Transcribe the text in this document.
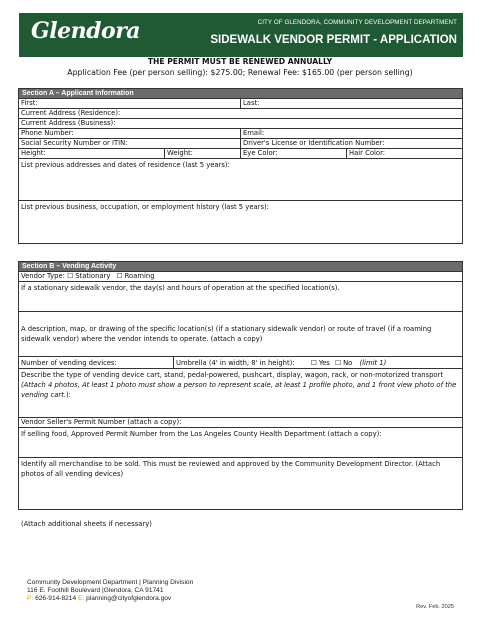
Glendora	CITY OF GLENDORA, COMMUNITY DEVELOPMENT DEPARTMENT
SIDEWALK VENDOR PERMIT - APPLICATION
THE PERMIT MUST BE RENEWED ANNUALLY
Application Fee (per person selling): $275.00; Renewal Fee: $165.00 (per person selling)
Section A – Applicant Information
First:	Last:
Current Address (Residence):
Current Address (Business):
Phone Number:	Email:
Social Security Number or ITIN:	Driver's License or Identification Number:
Height:	Weight:	Eye Color:	Hair Color:
List previous addresses and dates of residence (last 5 years):
List previous business, occupation, or employment history (last 5 years):
Section B – Vending Activity
Vendor Type: ☐ Stationary ☐ Roaming
If a stationary sidewalk vendor, the day(s) and hours of operation at the specified location(s).
A description, map, or drawing of the specific location(s) (if a stationary sidewalk vendor) or route of travel (if a roaming sidewalk vendor) where the vendor intends to operate. (attach a copy)
Number of vending devices:	Umbrella (4' in width, 8' in height): ☐ Yes ☐ No (limit 1)
Describe the type of vending device cart, stand, pedal-powered, pushcart, display, wagon, rack, or non-motorized transport (Attach 4 photos, At least 1 photo must show a person to represent scale, at least 1 profile photo, and 1 front view photo of the vending cart.):
Vendor Seller's Permit Number (attach a copy):
If selling food, Approved Permit Number from the Los Angeles County Health Department (attach a copy):
Identify all merchandise to be sold. This must be reviewed and approved by the Community Development Director. (Attach photos of all vending devices)
(Attach additional sheets if necessary)
Community Development Department | Planning Division
116 E. Foothill Boulevard |Glendora, CA 91741
P: 626-914-8214 E: planning@cityofglendora.gov
Rev. Feb. 2025
